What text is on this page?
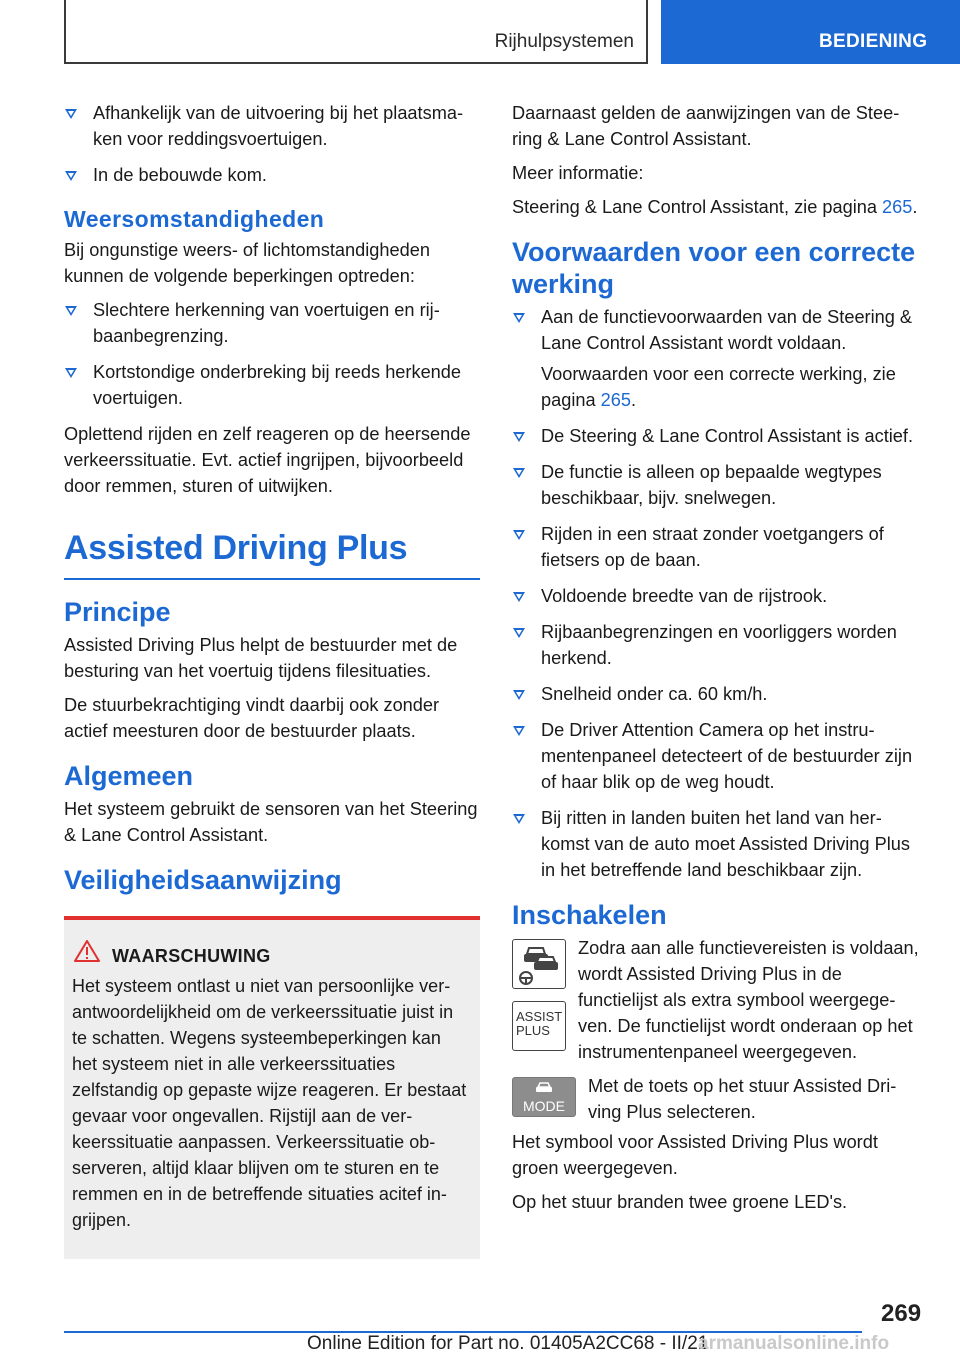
Rijhulpsystemen	BEDIENING
Afhankelijk van de uitvoering bij het plaatsmaken voor reddingsvoertuigen.
In de bebouwde kom.
Weersomstandigheden

Bij ongunstige weers- of lichtomstandigheden kunnen de volgende beperkingen optreden:

Slechtere herkenning van voertuigen en rijbaanbegrenzing.
Kortstondige onderbreking bij reeds herkende voertuigen.

Oplettend rijden en zelf reageren op de heersende verkeerssituatie. Evt. actief ingrijpen, bijvoorbeeld door remmen, sturen of uitwijken.

Assisted Driving Plus
Principe

Assisted Driving Plus helpt de bestuurder met de besturing van het voertuig tijdens filesituaties.

De stuurbekrachtiging vindt daarbij ook zonder actief meesturen door de bestuurder plaats.

Algemeen

Het systeem gebruikt de sensoren van het Steering & Lane Control Assistant.

Veiligheidsaanwijzing
WAARSCHUWING

Het systeem ontlast u niet van persoonlijke verantwoordelijkheid om de verkeerssituatie juist in te schatten. Wegens systeembeperkingen kan het systeem niet in alle verkeerssituaties zelfstandig op gepaste wijze reageren. Er bestaat gevaar voor ongevallen. Rijstijl aan de verkeerssituatie aanpassen. Verkeerssituatie observeren, altijd klaar blijven om te sturen en te remmen en in de betreffende situaties acitef ingrijpen.

Daarnaast gelden de aanwijzingen van de Steering & Lane Control Assistant.

Meer informatie:

Steering & Lane Control Assistant, zie pagina 265.

Voorwaarden voor een correcte werking
Aan de functievoorwaarden van de Steering & Lane Control Assistant wordt voldaan.
Voorwaarden voor een correcte werking, zie pagina 265.
De Steering & Lane Control Assistant is actief.
De functie is alleen op bepaalde wegtypes beschikbaar, bijv. snelwegen.
Rijden in een straat zonder voetgangers of fietsers op de baan.
Voldoende breedte van de rijstrook.
Rijbaanbegrenzingen en voorliggers worden herkend.
Snelheid onder ca. 60 km/h.
De Driver Attention Camera op het instrumentenpaneel detecteert of de bestuurder zijn of haar blik op de weg houdt.
Bij ritten in landen buiten het land van herkomst van de auto moet Assisted Driving Plus in het betreffende land beschikbaar zijn.
Inschakelen
ASSIST
PLUS

Zodra aan alle functievereisten is voldaan, wordt Assisted Driving Plus in de functielijst als extra symbool weergegeven. De functielijst wordt onderaan op het instrumentenpaneel weergegeven.

MODE

Met de toets op het stuur Assisted Driving Plus selecteren.

Het symbool voor Assisted Driving Plus wordt groen weergegeven.

Op het stuur branden twee groene LED's.

269
Online Edition for Part no. 01405A2CC68 - II/21
armanualsonline.info
